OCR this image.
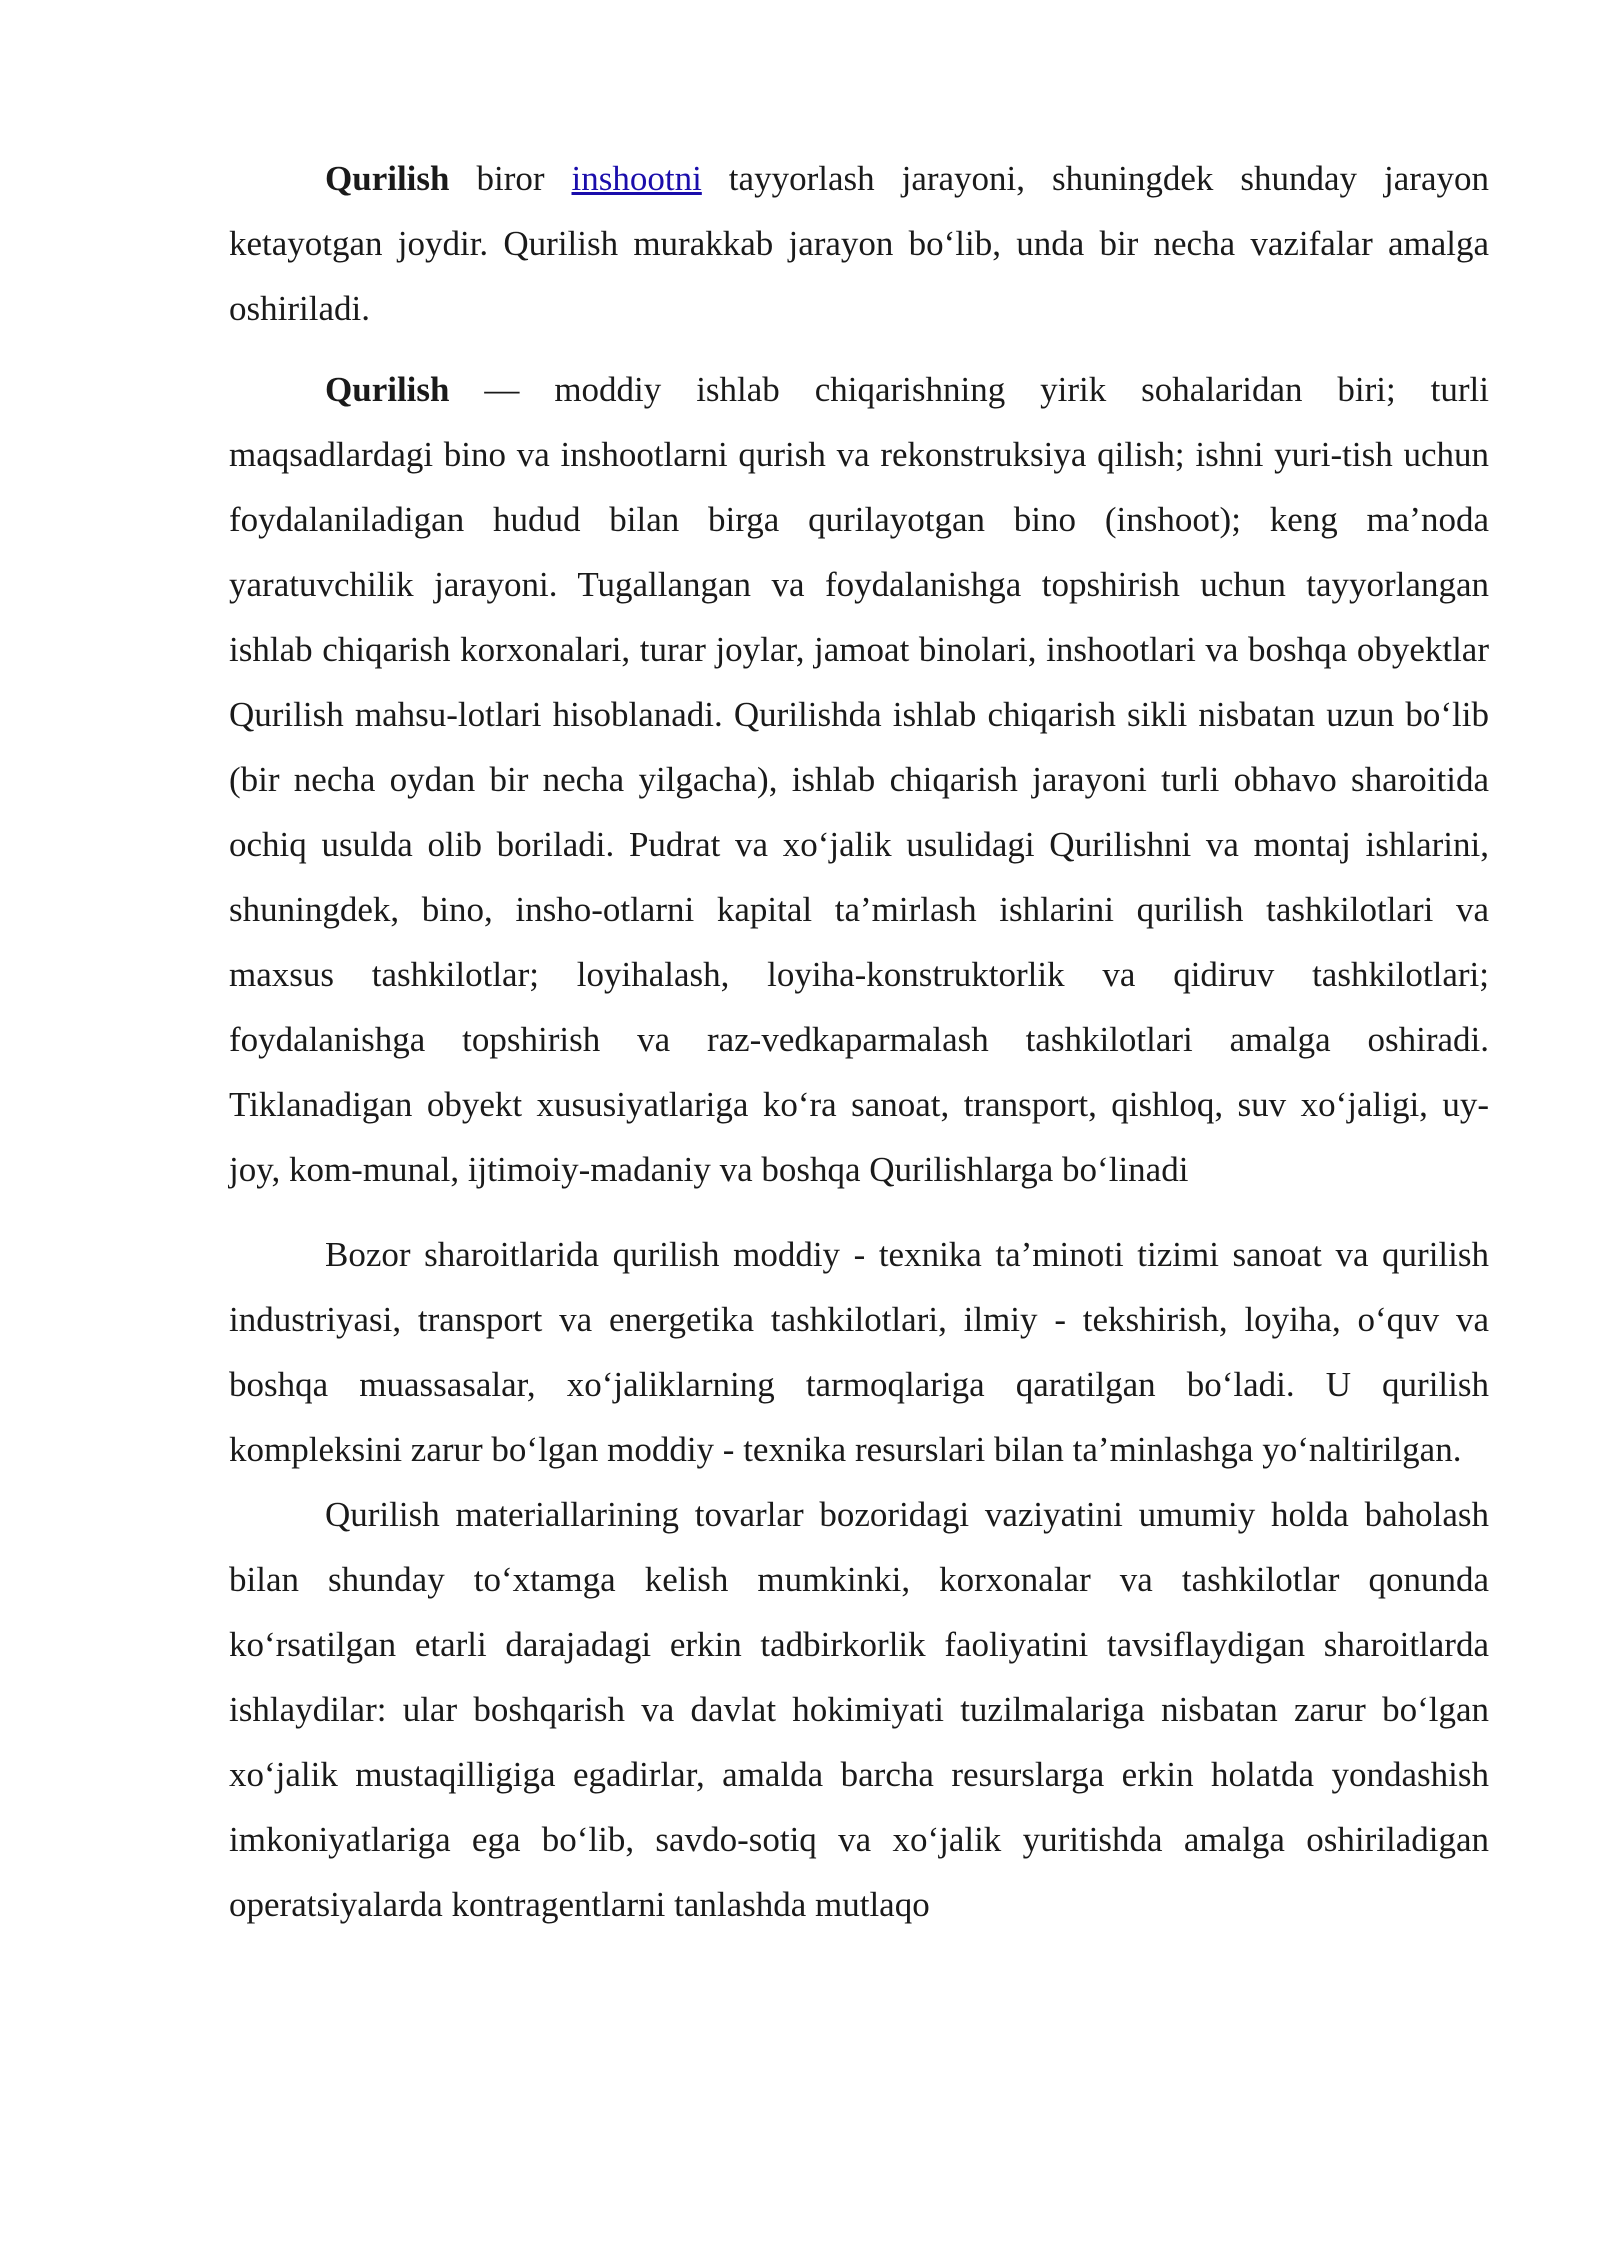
Qurilish biror inshootni tayyorlash jarayoni, shuningdek shunday jarayon ketayotgan joydir. Qurilish murakkab jarayon bo‘lib, unda bir necha vazifalar amalga oshiriladi.

Qurilish — moddiy ishlab chiqarishning yirik sohalaridan biri; turli maqsadlardagi bino va inshootlarni qurish va rekonstruksiya qilish; ishni yuri-tish uchun foydalaniladigan hudud bilan birga qurilayotgan bino (inshoot); keng ma’noda yaratuvchilik jarayoni. Tugallangan va foydalanishga topshirish uchun tayyorlangan ishlab chiqarish korxonalari, turar joylar, jamoat binolari, inshootlari va boshqa obyektlar Qurilish mahsu-lotlari hisoblanadi. Qurilishda ishlab chiqarish sikli nisbatan uzun bo‘lib (bir necha oydan bir necha yilgacha), ishlab chiqarish jarayoni turli obhavo sharoitida ochiq usulda olib boriladi. Pudrat va xo‘jalik usulidagi Qurilishni va montaj ishlarini, shuningdek, bino, insho-otlarni kapital ta’mirlash ishlarini qurilish tashkilotlari va maxsus tashkilotlar; loyihalash, loyiha-konstruktorlik va qidiruv tashkilotlari; foydalanishga topshirish va raz-vedkaparmalash tashkilotlari amalga oshiradi. Tiklanadigan obyekt xususiyatlariga ko‘ra sanoat, transport, qishloq, suv xo‘jaligi, uy-joy, kom-munal, ijtimoiy-madaniy va boshqa Qurilishlarga bo‘linadi

Bozor sharoitlarida qurilish moddiy - texnika ta’minoti tizimi sanoat va qurilish industriyasi, transport va energetika tashkilotlari, ilmiy - tekshirish, loyiha, o‘quv va boshqa muassasalar, xo‘jaliklarning tarmoqlariga qaratilgan bo‘ladi. U qurilish kompleksini zarur bo‘lgan moddiy - texnika resurslari bilan ta’minlashga yo‘naltirilgan.

Qurilish materiallarining tovarlar bozoridagi vaziyatini umumiy holda baholash bilan shunday to‘xtamga kelish mumkinki, korxonalar va tashkilotlar qonunda ko‘rsatilgan etarli darajadagi erkin tadbirkorlik faoliyatini tavsiflaydigan sharoitlarda ishlaydilar: ular boshqarish va davlat hokimiyati tuzilmalariga nisbatan zarur bo‘lgan xo‘jalik mustaqilligiga egadirlar, amalda barcha resurslarga erkin holatda yondashish imkoniyatlariga ega bo‘lib, savdo-sotiq va xo‘jalik yuritishda amalga oshiriladigan operatsiyalarda kontragentlarni tanlashda mutlaqo
